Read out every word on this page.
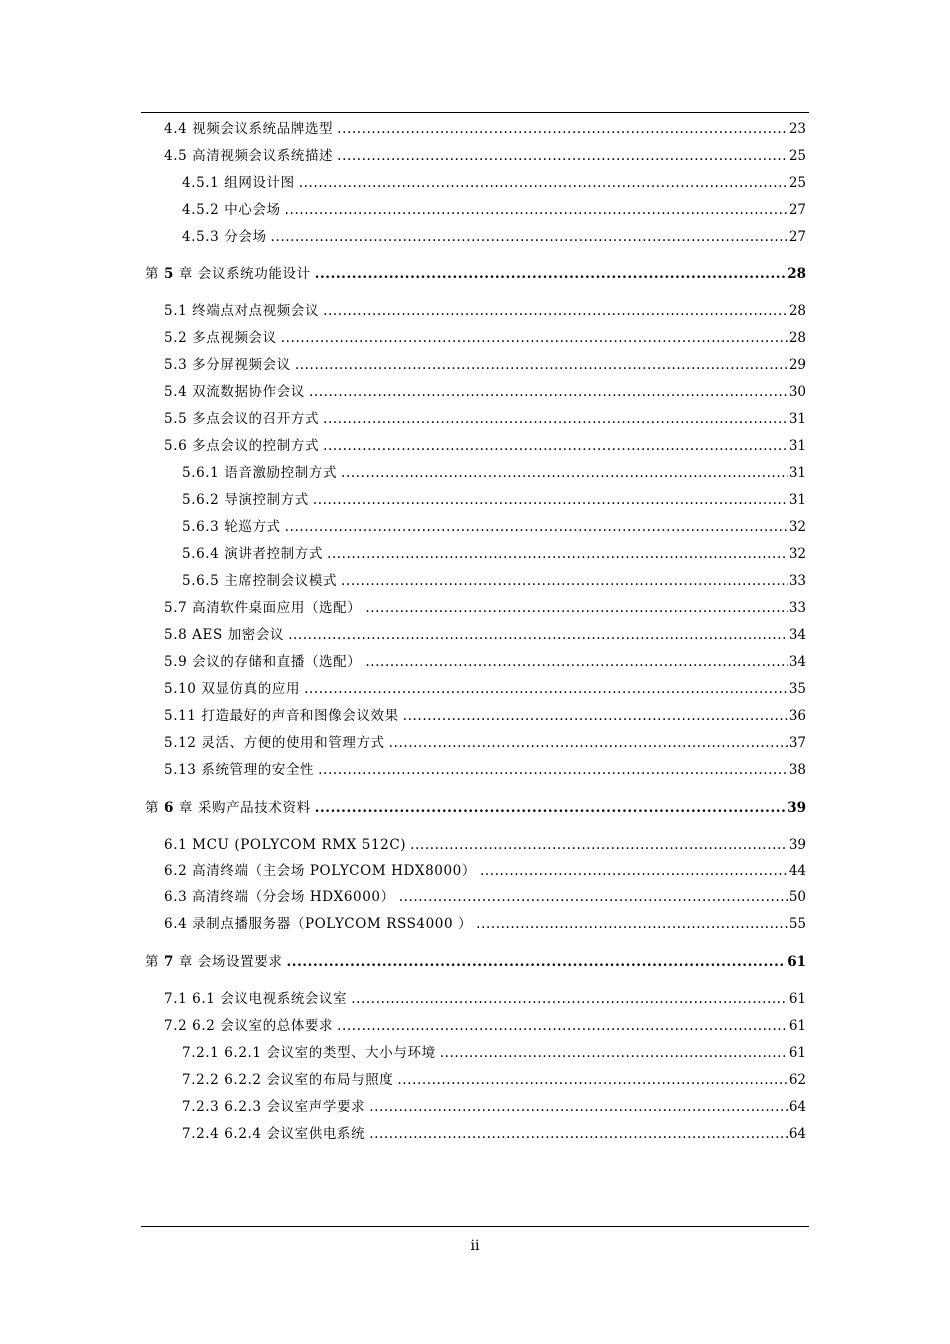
4.4 视频会议系统品牌选型 .....	23
4.5 高清视频会议系统描述 .....	25
4.5.1 组网设计图 .....	25
4.5.2 中心会场 .....	27
4.5.3 分会场 .....	27
第 5 章 会议系统功能设计 .....	28
5.1 终端点对点视频会议 .....	28
5.2 多点视频会议 .....	28
5.3 多分屏视频会议 .....	29
5.4 双流数据协作会议 .....	30
5.5 多点会议的召开方式 .....	31
5.6 多点会议的控制方式 .....	31
5.6.1 语音激励控制方式 .....	31
5.6.2 导演控制方式 .....	31
5.6.3 轮巡方式 .....	32
5.6.4 演讲者控制方式 .....	32
5.6.5 主席控制会议模式 .....	33
5.7 高清软件桌面应用（选配） .....	33
5.8 AES 加密会议 .....	34
5.9 会议的存储和直播（选配） .....	34
5.10 双显仿真的应用 .....	35
5.11 打造最好的声音和图像会议效果 .....	36
5.12 灵活、方便的使用和管理方式 .....	37
5.13 系统管理的安全性 .....	38
第 6 章 采购产品技术资料 .....	39
6.1 MCU (POLYCOM RMX 512C) .....	39
6.2 高清终端（主会场 POLYCOM HDX8000） .....	44
6.3 高清终端（分会场 HDX6000） .....	50
6.4 录制点播服务器（POLYCOM RSS4000 ） .....	55
第 7 章 会场设置要求 .....	61
7.1 6.1 会议电视系统会议室 .....	61
7.2 6.2 会议室的总体要求 .....	61
7.2.1 6.2.1 会议室的类型、大小与环境 .....	61
7.2.2 6.2.2 会议室的布局与照度 .....	62
7.2.3 6.2.3 会议室声学要求 .....	64
7.2.4 6.2.4 会议室供电系统 .....	64
ii
